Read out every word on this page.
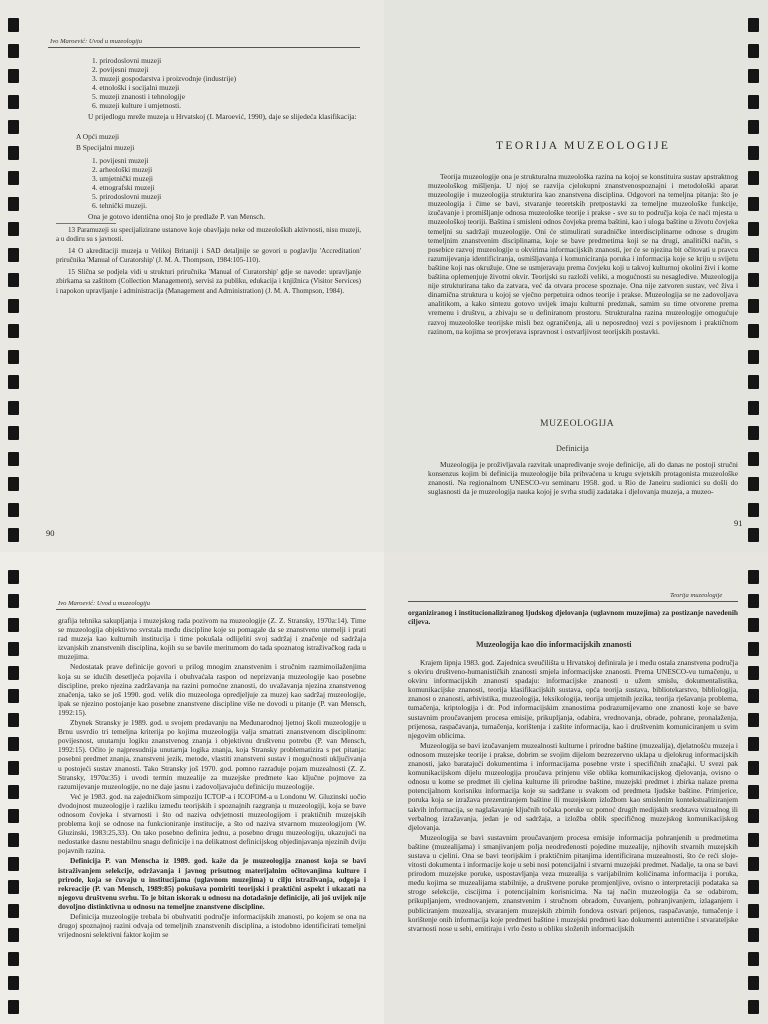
Ivo Maroević: Uvod u muzeologiju
1. prirodoslovni muzeji
2. povijesni muzeji
3. muzeji gospodarstva i proizvodnje (industrije)
4. etnološki i socijalni muzeji
5. muzeji znanosti i tehnologije
6. muzeji kulture i umjetnosti.

U prijedlogu mreže muzeja u Hrvatskoj (I. Maroević, 1990), daje se slijedeća klasifikacija:

A Opći muzeji
B Specijalni muzeji
1. povijesni muzeji
2. arheološki muzeji
3. umjetnički muzeji
4. etnografski muzeji
5. prirodoslovni muzeji
6. tehnički muzeji.

Ona je gotovo identična onoj što je predlaže P. van Mensch.

13 Paramuzeji su specijalizirane ustanove koje obavljaju neke od muzeoloških aktivnosti, nisu muzeji, a u dodiru su s javnosti.

14 O akreditaciji muzeja u Velikoj Britaniji i SAD detaljnije se govori u poglavlju 'Accreditation' priručnika 'Manual of Curatorship' (J. M. A. Thompson, 1984:105-110).

15 Slična se podjela vidi u strukturi priručnika 'Manual of Curatorship' gdje se navode: upravljanje zbirkama sa zaštitom (Collection Management), servisi za publiku, edukacija i knjižnica (Visitor Services) i napokon upravljanje i administracija (Management and Administration) (J. M. A. Thompson, 1984).

90
TEORIJA MUZEOLOGIJE

Teorija muzeologije ona je strukturalna muzeološka razina na kojoj se konstituira sustav apstraktnog muzeološkog mišljenja. U njoj se razvija cjelokupni znanstvenospoznajni i metodološki aparat muzeologije i muzeologija strukturira kao znanstvena disciplina. Odgovori na temeljna pitanja: što je muzeologija i čime se bavi, stvaranje teoretskih pretpostavki za temeljne muzeološke funkcije, izučavanje i promišljanje odnosa muzeološke teorije i prakse - sve su to područja koja će naći mjesta u muzeološkoj teoriji. Baština i smisleni odnos čovjeka prema baštini, kao i uloga baštine u životu čovjeka temeljni su sadržaji muzeologije. Oni će stimulirati suradničke interdisciplinarne odnose s drugim temeljnim znanstvenim disciplinama, koje se bave predmetima koji se na drugi, analitički način, s posebice razvoj muzeologije u okvirima informacijskih znanosti, jer će se njezina bit očitovati u pravcu razumijevanja identificiranja, osmišljavanja i komuniciranja poruka i informacija koje se kriju u svijetu baštine koji nas okružuje. One se usmjeravaju prema čovjeku koji u takvoj kulturnoj okolini živi i kome baština oplemenjuje životni okvir. Teorijski su razloži veliki, a mogućnosti su nesagledive. Muzeologija nije strukturirana tako da zatvara, već da otvara procese spoznaje. Ona nije zatvoren sustav, već živa i dinamična struktura u kojoj se vječno perpetuira odnos teorije i prakse. Muzeologija se ne zadovoljava analitikom, a kako sintezu gotovo uvijek imaju kulturni predznak, samim su time otvorene prema vremenu i društvu, a zbivaju se u definiranom prostoru. Strukturalna razina muzeologije omogućuje razvoj muzeološke teorijske misli bez ograničenja, ali u neposrednoj vezi s povijesnom i praktičnom razinom, na kojima se provjerava ispravnost i ostvarljivost teorijskih postavki.

MUZEOLOGIJA
Definicija

Muzeologija je proživljavala razvitak unapređivanje svoje definicije, ali do danas ne postoji stručni konsenzus kojim bi definicija muzeologije bila prihvaćena u krugu svjetskih protagonista muzeološke znanosti. Na regionalnom UNESCO-vu seminaru 1958. god. u Rio de Janeiru sudionici su došli do suglasnosti da je muzeologija nauka kojoj je svrha studij zadataka i djelovanja muzeja, a muzeo-

91
Ivo Maroević: Uvod u muzeologiju

grafija tehnika sakupljanja i muzejskog rada pozivom na muzeologije (Z. Z. Stransky, 1970a:14). Time se muzeologija objektivno svrstala među discipline koje su pomagale da se znanstveno utemelji i prati rad muzeja kao kulturnih institucija i time pokušala odlijeliti svoj sadržaj i značenje od sadržaja izvanjskih znanstvenih disciplina, kojih su se bavile meritumom do tada spoznatog istraživačkog rada u muzejima.

Nedostatak prave definicije govori u prilog mnogim znanstvenim i stručnim razmimoilaženjima koja su se idućih desetljeća pojavila i obuhvaćala raspon od neprizvanja muzeologije kao posebne discipline, preko njezina zadržavanja na razini pomoćne znanosti, do uvažavanja njezina znanstvenog značenja, tako se još 1990. god. velik dio muzeologa opredjeljuje za muzej kao sadržaj muzeologije, ipak se njezino postojanje kao posebne znanstvene discipline više ne dovodi u pitanje (P. van Mensch, 1992:15).

Zbynek Stransky je 1989. god. u svojem predavanju na Međunarodnoj ljetnoj školi muzeologije u Brnu usvrdio tri temeljna kriterija po kojima muzeologija valja smatrati znanstvenom disciplinom: povijesnost, unutarnju logiku znanstvenog znanja i objektivnu društvenu potrebu (P. van Mensch, 1992:15). Očito je najpresudnija unutarnja logika znanja, koja Stransky problematizira s pet pitanja: posebni predmet znanja, znanstveni jezik, metode, vlastiti znanstveni sustav i mogućnosti uključivanja u postojeći sustav znanosti. Tako Stransky još 1970. god. pomno razrađuje pojam muzealnosti (Z. Z. Stransky, 1970a:35) i uvodi termin muzealije za muzejske predmete kao ključne pojmove za razumijevanje muzeologije, no ne daje jasnu i zadovoljavajuću definiciju muzeologije.

Već je 1983. god. na zajedničkom simpoziju ICTOP-a i ICOFOM-a u Londonu W. Gluzinski uočio dvodojnost muzeologije i razliku između teorijskih i spoznajnih razgranja u muzeologiji, koja se bave odnosom čovjeka i stvarnosti i što od naziva odvjetnosti muzeologijom i praktičnih muzejskih problema koji se odnose na funkcioniranje institucije, a što od naziva stvarnom muzeologijom (W. Gluzinski, 1983:25,33). On tako posebno definira jednu, a posebno drugu muzeologiju, ukazujući na nedostatke dasnu nestabilnu snagu definicije i na delikatnost definicijskog objedinjavanja njezinih dviju pojavnih razina.

Definicija P. van Menscha iz 1989. god. kaže da je muzeologija znanost koja se bavi istraživanjem selekcije, održavanja i javnog prisutnog materijalnim očitovanjima kulture i prirode, koja se čuvaju u institucijama (uglavnom muzejima) u cilju istraživanja, odgoja i rekreacije (P. van Mensch, 1989:85) pokušava pomiriti teorijski i praktični aspekt i ukazati na njegovu društvenu svrhu. To je bitan iskorak u odnosu na dotadašnje definicije, ali još uvijek nije dovoljno distinktivna u odnosu na temeljne znanstvene discipline.

Definicija muzeologije trebala bi obuhvatiti područje informacijskih znanosti, po kojem se ona na drugoj spoznajnoj razini odvaja od temeljnih znanstvenih disciplina, a istodobno identificirati temeljni vrijednosni selektivni faktor kojim se

Teorija muzeologije

organiziranog i institucionaliziranog ljudskog djelovanja (uglavnom muzejima) za postizanje navedenih ciljeva.

Muzeologija kao dio informacijskih znanosti

Krajem lipnja 1983. god. Zajednica sveučilišta u Hrvatskoj definirala je i među ostala znanstvena područja s okviru društveno-humanističkih znanosti smjela informacijske znanosti. Prema UNESCO-vu tumačenju, u okviru informacijskih znanosti spadaju: informacijske znanosti u užem smislu, dokumentalistika, komunikacijske znanosti, teorija klasifikacijskih sustava, opća teorija sustava, bibliotekarstvo, bibliologija, znanost o znanosti, arhivistika, muzeologija, leksikologija, teorija umjetnih jezika, teorija rješavanja problema, tumačenja, kriptologija i dr. Pod informacijskim znanostima podrazumijevamo one znanosti koje se bave sustavnim proučavanjem procesa emisije, prikupljanja, odabira, vrednovanja, obrade, pohrane, pronalaženja, prijenosa, raspačavanja, tumačenja, korištenja i zaštite informacija, kao i društvenim komuniciranjem u svim njegovim oblicima.

Muzeologija se bavi izučavanjem muzealnosti kulturne i prirodne baštine (muzealija), djelatnošću muzeja i odnosom muzejske teorije i prakse, dobrim se svojim dijelom bezrezervno uklapa u djelokrug informacijskih znanosti, jako baratajući dokumentima i informacijama posebne vrste i specifičnih značajki. U svezi pak komunikacijskom dijelu muzeologija proučava prinjenu više oblika komunikacijskog djelovanja, ovisno o odnosu u kome se predmet ili cjelina kulturne ili prirodne baštine, muzejski predmet i zbirka nalaze prema potencijalnom korisniku informacija koje su sadržane u svakom od predmeta ljudske baštine. Primjerice, poruka koja se izražava prezentiranjem baštine ili muzejskom izložbom kao smislenim kontekstualiziranjem takvih informacija, se naglašavanje ključnih točaka poruke uz pomoć drugih medijskih sredstava vizualnog ili verbalnog izražavanja, jedan je od sadržaja, a izložba oblik specifičnog muzejskog komunikacijskog djelovanja.

Muzeologija se bavi sustavnim proučavanjem procesa emisije informacija pohranjenih u predmetima baštine (muzealijama) i smanjivanjem polja neodređenosti pojedine muzealije, njihovih stvarnih muzejskih sustava u cjelini. Ona se bavi teorijskim i praktičnim pitanjima identificirana muzealnosti, što će reći slojevitosti dokumenta i informacije koje u sebi nosi potencijalni i stvarni muzejski predmet. Nadalje, ta ona se bavi prirodom muzejske poruke, uspostavljanja veza muzealija s varijabilnim kolićinama informacija i poruka, među kojima se muzealijama stabilnije, a društvene poruke promjenljive, ovisno o interpretaciji podataka sa stroge selekcije, ciscijima i potencijalnim korisnicima. Na taj način muzeologija ča se odabirom, prikupljanjem, vrednovanjem, znanstvenim i stručnom obradom, čuvanjem, pohranjivanjem, izlaganjem i publiciranjem muzealija, stvaranjem muzejskih zbirnih fondova ostvari prijenos, raspačavanje, tumačenje i korištenje onih informacija koje predmeti baštine i muzejski predmeti kao dokumenti autentične i stvarateljske stvarnosti nose u sebi, emitiraju i vrlo često u obliku složenih informacijskih
